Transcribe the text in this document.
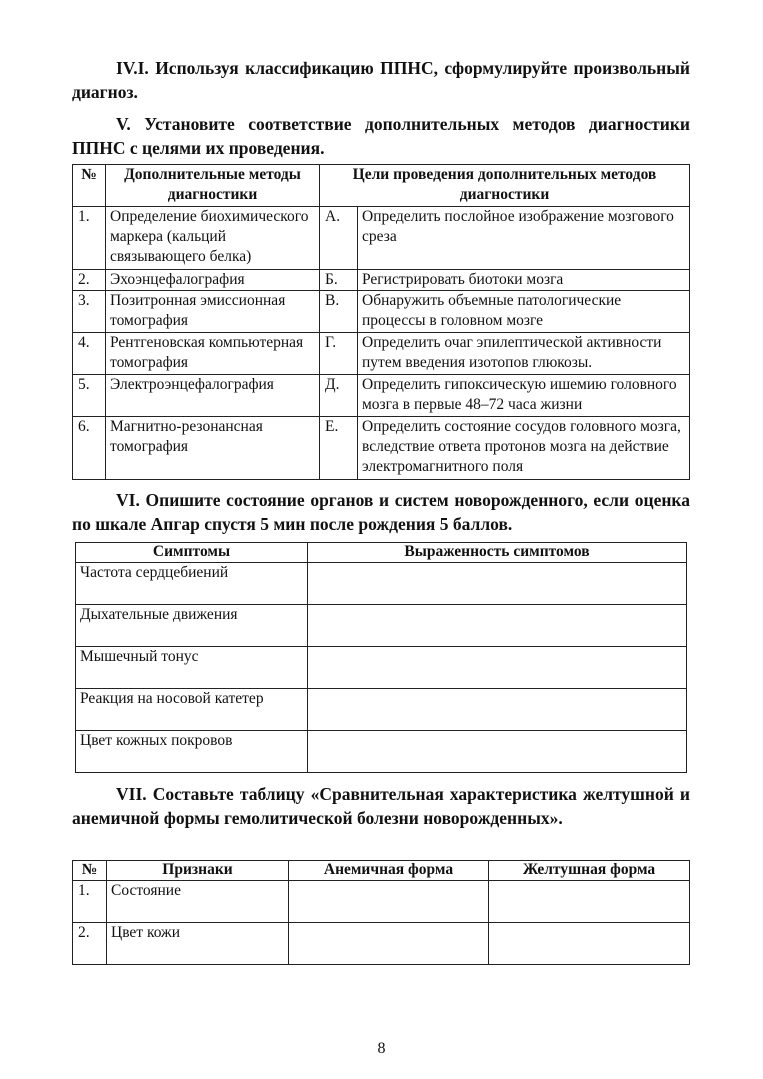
IV.I. Используя классификацию ППНС, сформулируйте произвольный диагноз.

V. Установите соответствие дополнительных методов диагностики ППНС с целями их проведения.

№	Дополнительные методы диагностики	Цели проведения дополнительных методов диагностики	
1.	Определение биохимического маркера (кальций связывающего белка)	А.	Определить послойное изображение мозгового среза
2.	Эхоэнцефалография	Б.	Регистрировать биотоки мозга
3.	Позитронная эмиссионная томография	В.	Обнаружить объемные патологические процессы в головном мозге
4.	Рентгеновская компьютерная томография	Г.	Определить очаг эпилептической активности путем введения изотопов глюкозы.
5.	Электроэнцефалография	Д.	Определить гипоксическую ишемию головного мозга в первые 48–72 часа жизни
6.	Магнитно-резонансная томография	Е.	Определить состояние сосудов головного мозга, вследствие ответа протонов мозга на действие электромагнитного поля

VI. Опишите состояние органов и систем новорожденного, если оценка по шкале Апгар спустя 5 мин после рождения 5 баллов.

Симптомы	Выраженность симптомов
Частота сердцебиений	
Дыхательные движения	
Мышечный тонус	
Реакция на носовой катетер	
Цвет кожных покровов	

VII. Составьте таблицу «Сравнительная характеристика желтушной и анемичной формы гемолитической болезни новорожденных».

№	Признаки	Анемичная форма	Желтушная форма
1.	Состояние		
2.	Цвет кожи		
8
